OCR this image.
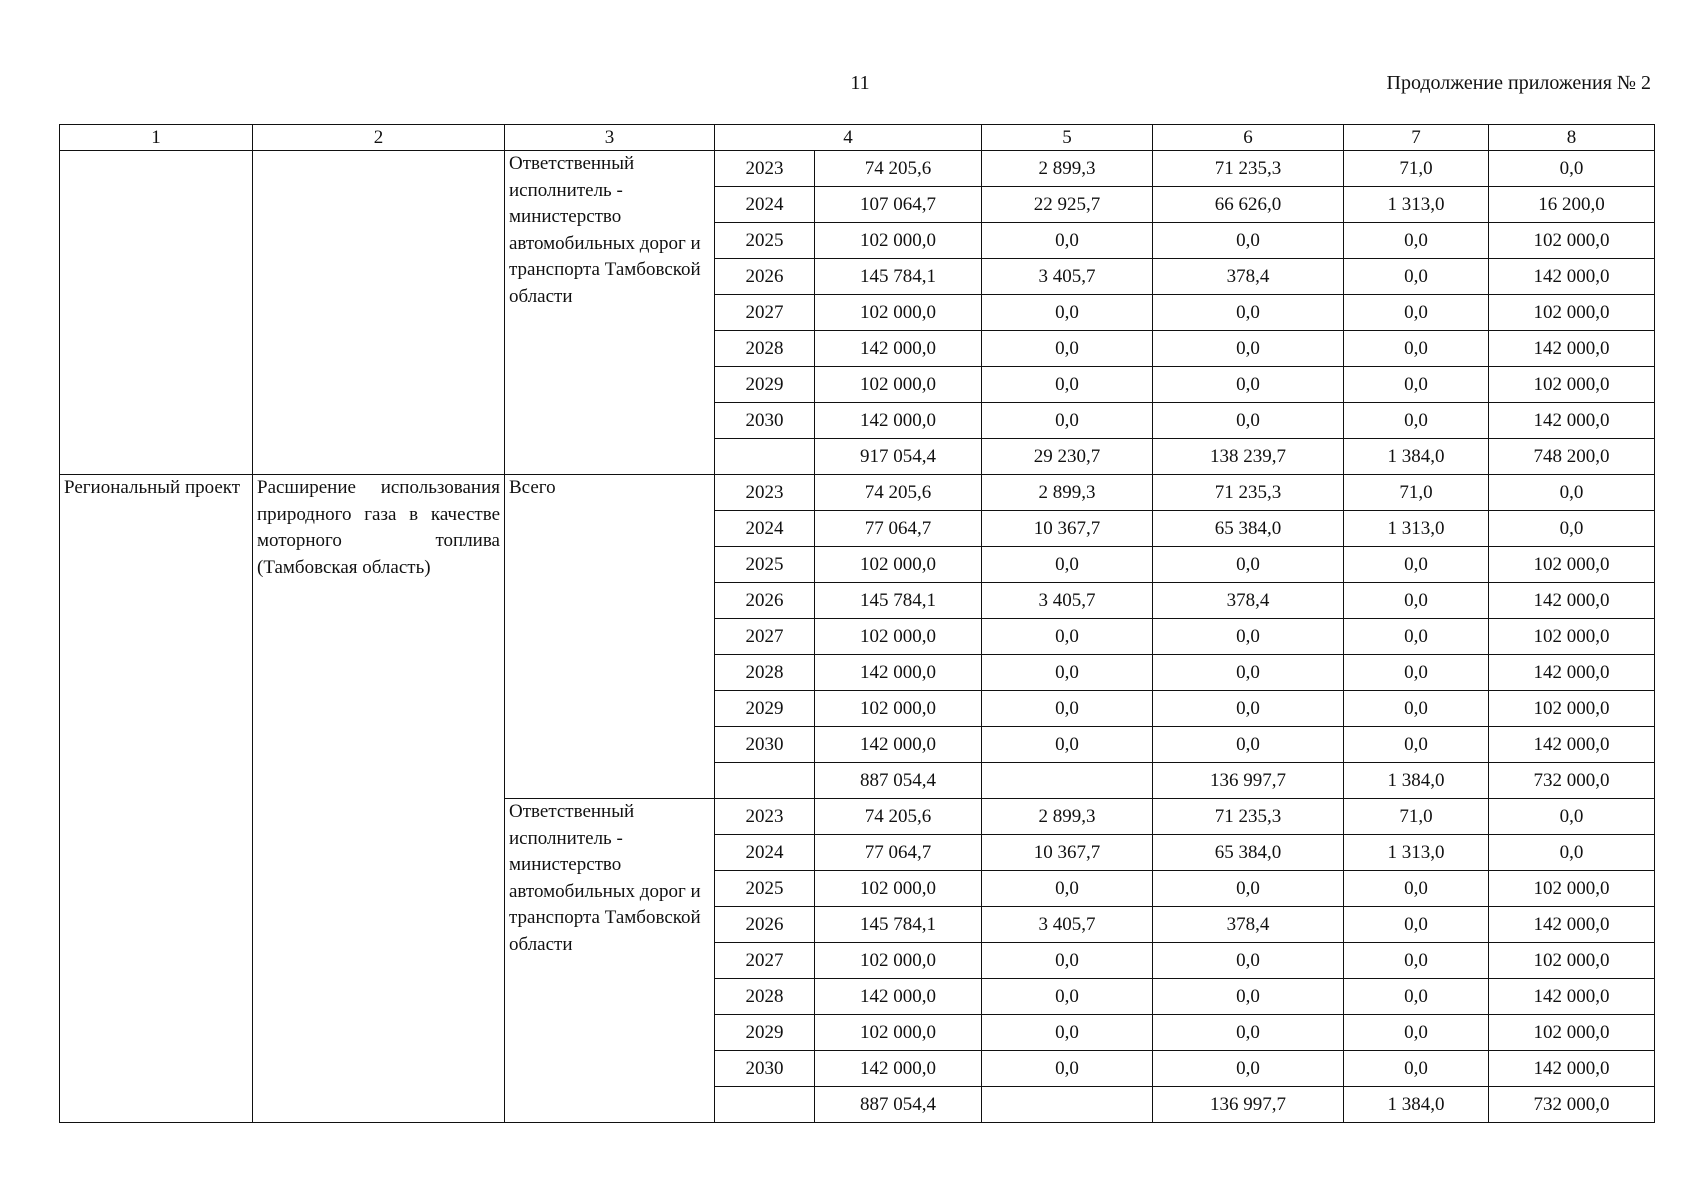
11	Продолжение приложения № 2
1	2	3	4		5	6	7	8
		Ответственный исполнитель - министерство автомобильных дорог и транспорта Тамбовской области	2023	74 205,6	2 899,3	71 235,3	71,0	0,0
			2024	107 064,7	22 925,7	66 626,0	1 313,0	16 200,0
			2025	102 000,0	0,0	0,0	0,0	102 000,0
			2026	145 784,1	3 405,7	378,4	0,0	142 000,0
			2027	102 000,0	0,0	0,0	0,0	102 000,0
			2028	142 000,0	0,0	0,0	0,0	142 000,0
			2029	102 000,0	0,0	0,0	0,0	102 000,0
			2030	142 000,0	0,0	0,0	0,0	142 000,0
				917 054,4	29 230,7	138 239,7	1 384,0	748 200,0
Региональный проект	Расширение использования природного газа в качестве моторного топлива (Тамбовская область)	Всего	2023	74 205,6	2 899,3	71 235,3	71,0	0,0
			2024	77 064,7	10 367,7	65 384,0	1 313,0	0,0
			2025	102 000,0	0,0	0,0	0,0	102 000,0
			2026	145 784,1	3 405,7	378,4	0,0	142 000,0
			2027	102 000,0	0,0	0,0	0,0	102 000,0
			2028	142 000,0	0,0	0,0	0,0	142 000,0
			2029	102 000,0	0,0	0,0	0,0	102 000,0
			2030	142 000,0	0,0	0,0	0,0	142 000,0
				887 054,4		136 997,7	1 384,0	732 000,0
		Ответственный исполнитель - министерство автомобильных дорог и транспорта Тамбовской области	2023	74 205,6	2 899,3	71 235,3	71,0	0,0
			2024	77 064,7	10 367,7	65 384,0	1 313,0	0,0
			2025	102 000,0	0,0	0,0	0,0	102 000,0
			2026	145 784,1	3 405,7	378,4	0,0	142 000,0
			2027	102 000,0	0,0	0,0	0,0	102 000,0
			2028	142 000,0	0,0	0,0	0,0	142 000,0
			2029	102 000,0	0,0	0,0	0,0	102 000,0
			2030	142 000,0	0,0	0,0	0,0	142 000,0
				887 054,4		136 997,7	1 384,0	732 000,0
